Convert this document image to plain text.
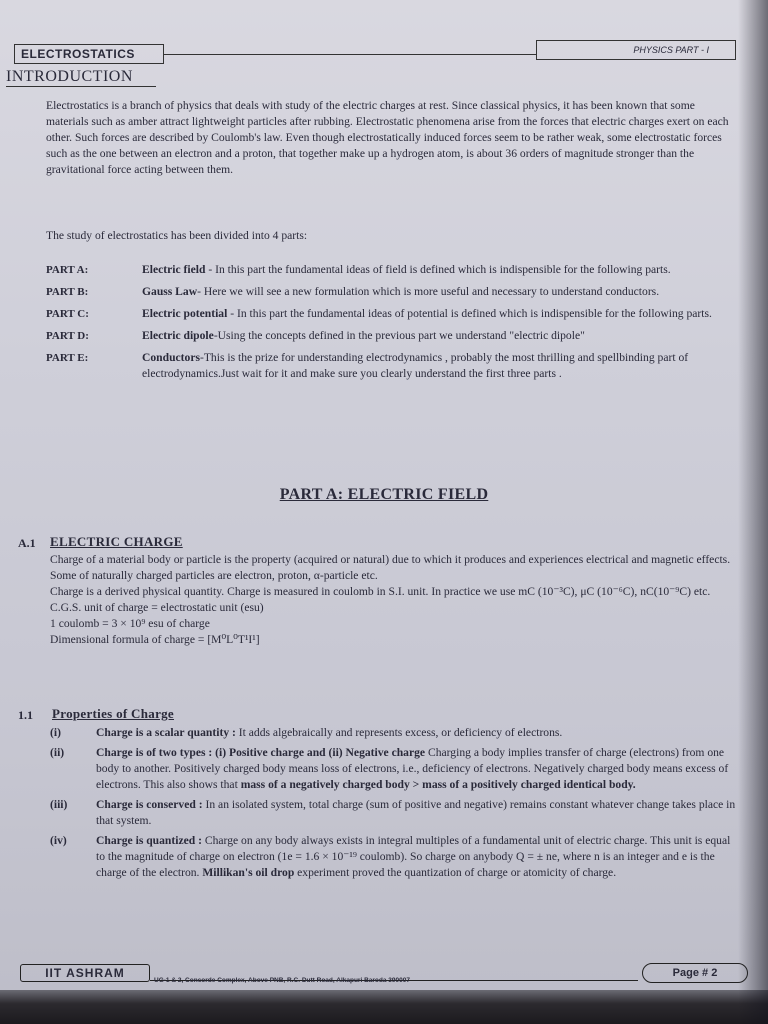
ELECTROSTATICS	PHYSICS PART - I
INTRODUCTION

Electrostatics is a branch of physics that deals with study of the electric charges at rest. Since classical physics, it has been known that some materials such as amber attract lightweight particles after rubbing. Electrostatic phenomena arise from the forces that electric charges exert on each other. Such forces are described by Coulomb's law. Even though electrostatically induced forces seem to be rather weak, some electrostatic forces such as the one between an electron and a proton, that together make up a hydrogen atom, is about 36 orders of magnitude stronger than the gravitational force acting between them.

The study of electrostatics has been divided into 4 parts:

PART A:	Electric field - In this part the fundamental ideas of field is defined which is indispensible for the following parts.
PART B:	Gauss Law- Here we will see a new formulation which is more useful and necessary to understand conductors.
PART C:	Electric potential - In this part the fundamental ideas of potential is defined which is indispensible for the following parts.
PART D:	Electric dipole-Using the concepts defined in the previous part we understand "electric dipole"
PART E:	Conductors-This is the prize for understanding electrodynamics , probably the most thrilling and spellbinding part of electrodynamics.Just wait for it and make sure you clearly understand the first three parts .
PART A: ELECTRIC FIELD
A.1 ELECTRIC CHARGE

Charge of a material body or particle is the property (acquired or natural) due to which it produces and experiences electrical and magnetic effects. Some of naturally charged particles are electron, proton, α-particle etc.

Charge is a derived physical quantity. Charge is measured in coulomb in S.I. unit. In practice we use mC (10⁻³C), μC (10⁻⁶C), nC(10⁻⁹C) etc.

C.G.S. unit of charge = electrostatic unit (esu)

1 coulomb = 3 × 10⁹ esu of charge

Dimensional formula of charge = [M⁰L⁰T¹I¹]

1.1 Properties of Charge
(i)	Charge is a scalar quantity : It adds algebraically and represents excess, or deficiency of electrons.
(ii)	Charge is of two types : (i) Positive charge and (ii) Negative charge Charging a body implies transfer of charge (electrons) from one body to another. Positively charged body means loss of electrons, i.e., deficiency of electrons. Negatively charged body means excess of electrons. This also shows that mass of a negatively charged body > mass of a positively charged identical body.
(iii)	Charge is conserved : In an isolated system, total charge (sum of positive and negative) remains constant whatever change takes place in that system.
(iv)	Charge is quantized : Charge on any body always exists in integral multiples of a fundamental unit of electric charge. This unit is equal to the magnitude of charge on electron (1e = 1.6 × 10⁻¹⁹ coulomb). So charge on anybody Q = ± ne, where n is an integer and e is the charge of the electron. Millikan's oil drop experiment proved the quantization of charge or atomicity of charge.
IIT ASHRAM
UG-1 & 2, Concorde Complex, Above PNB, R.C. Dutt Road, Alkapuri Baroda 390007
Page # 2
